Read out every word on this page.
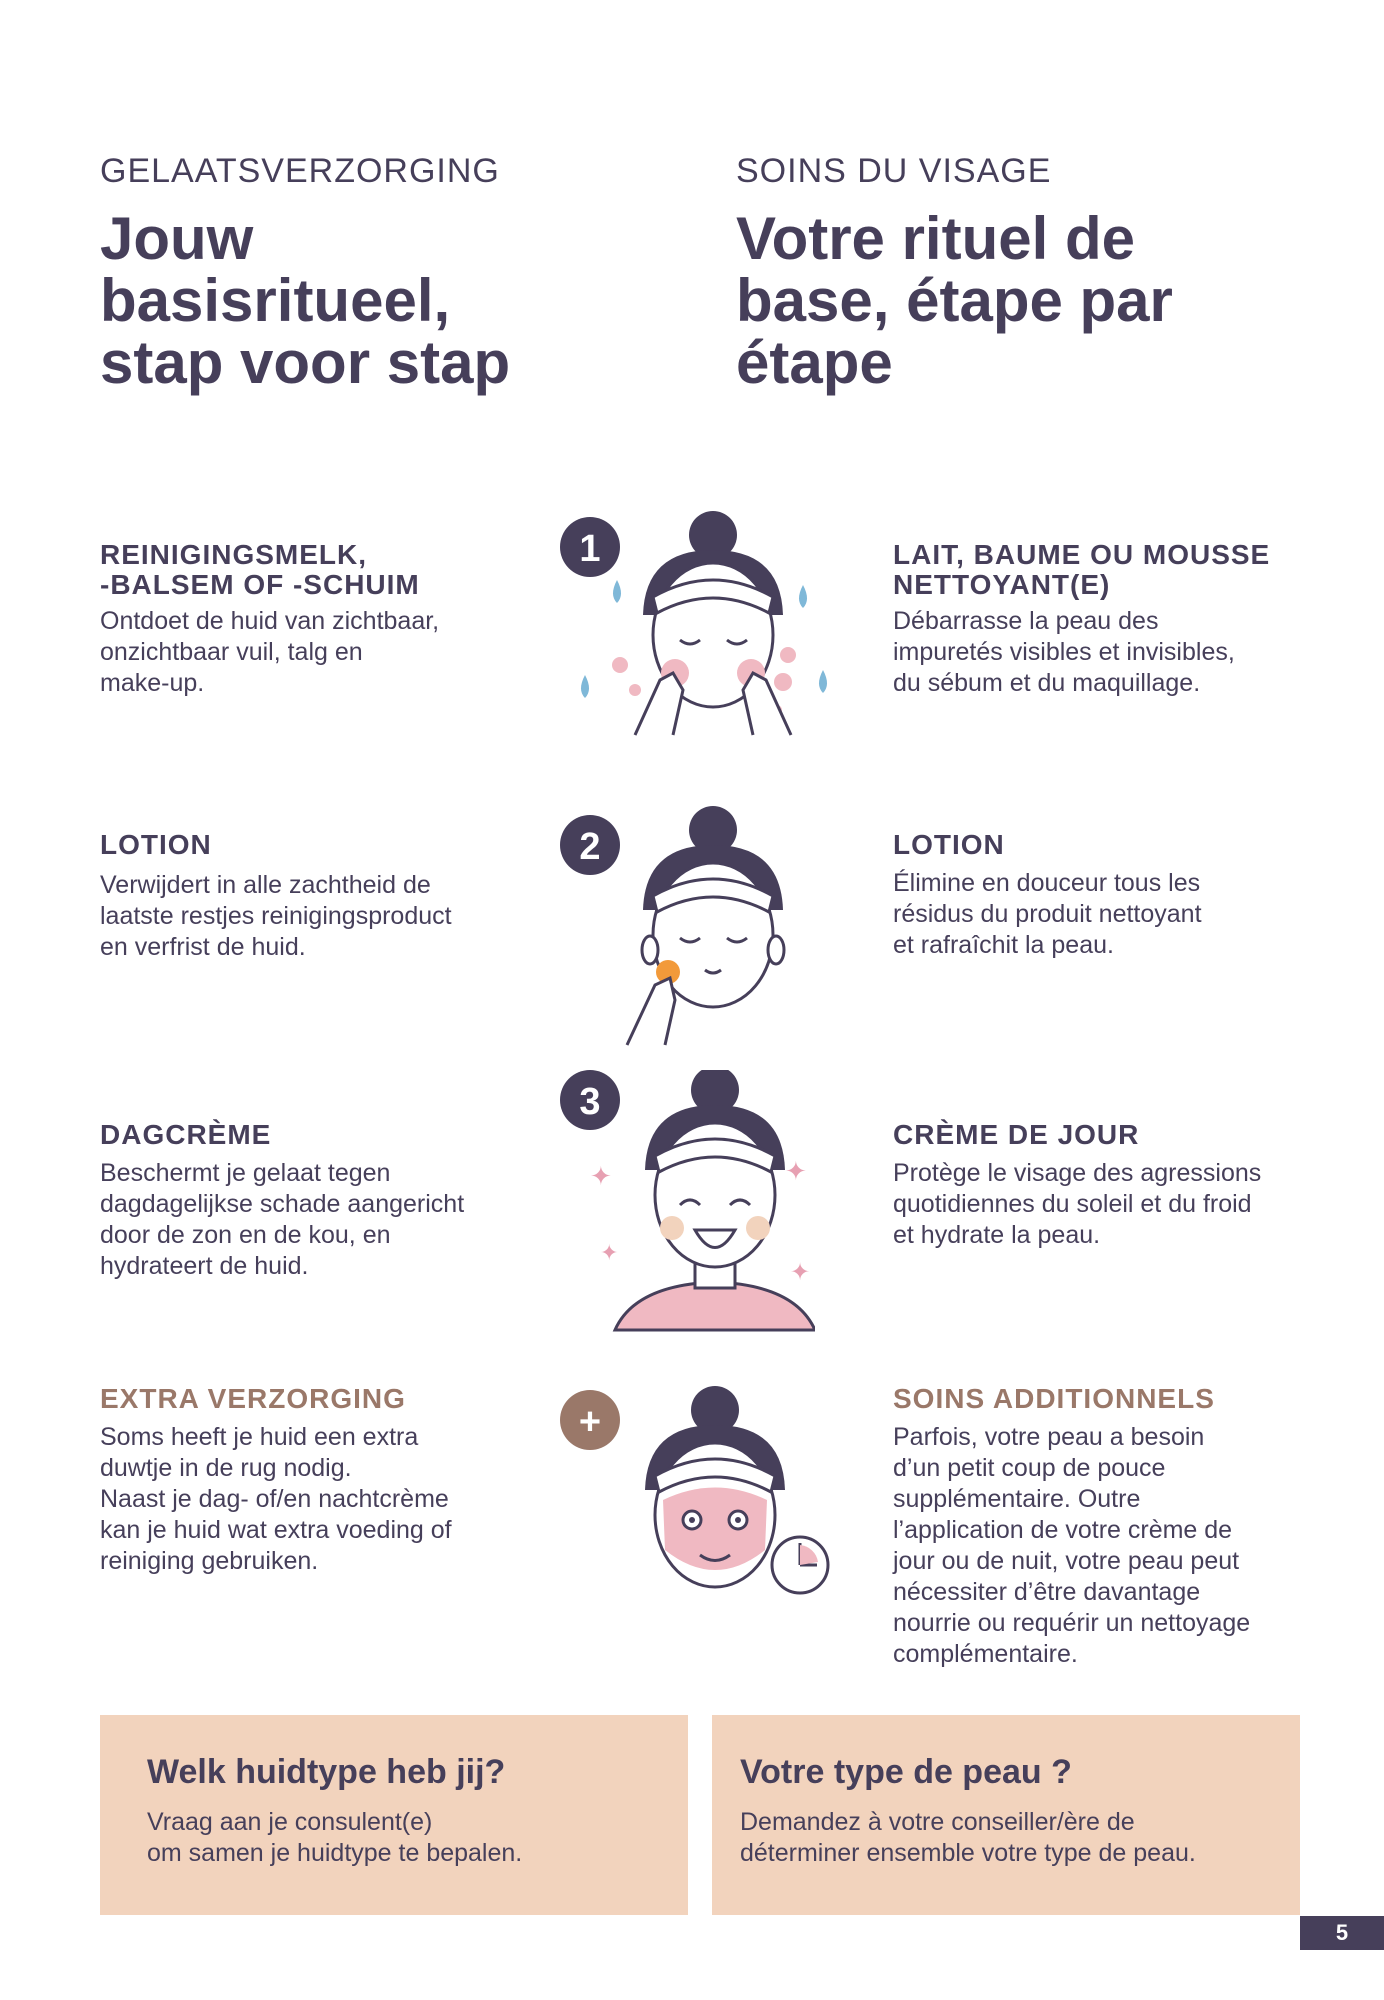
GELAATSVERZORGING
Jouw
basisritueel,
stap voor stap
SOINS DU VISAGE
Votre rituel de
base, étape par
étape
REINIGINGSMELK,
-BALSEM OF -SCHUIM
Ontdoet de huid van zichtbaar,
onzichtbaar vuil, talg en
make-up.
LAIT, BAUME OU MOUSSE
NETTOYANT(E)
Débarrasse la peau des
impuretés visibles et invisibles,
du sébum et du maquillage.
LOTION
Verwijdert in alle zachtheid de
laatste restjes reinigingsproduct
en verfrist de huid.
LOTION
Élimine en douceur tous les
résidus du produit nettoyant
et rafraîchit la peau.
DAGCRÈME
Beschermt je gelaat tegen
dagdagelijkse schade aangericht
door de zon en de kou, en
hydrateert de huid.
CRÈME DE JOUR
Protège le visage des agressions
quotidiennes du soleil et du froid
et hydrate la peau.
EXTRA VERZORGING
Soms heeft je huid een extra
duwtje in de rug nodig.
Naast je dag- of/en nachtcrème
kan je huid wat extra voeding of
reiniging gebruiken.
SOINS ADDITIONNELS
Parfois, votre peau a besoin
d’un petit coup de pouce
supplémentaire. Outre
l’application de votre crème de
jour ou de nuit, votre peau peut
nécessiter d’être davantage
nourrie ou requérir un nettoyage
complémentaire.
1
2
3
✦	✦
✦
✦
+
Welk huidtype heb jij?
Vraag aan je consulent(e)
om samen je huidtype te bepalen.
Votre type de peau ?
Demandez à votre conseiller/ère de
déterminer ensemble votre type de peau.
5
